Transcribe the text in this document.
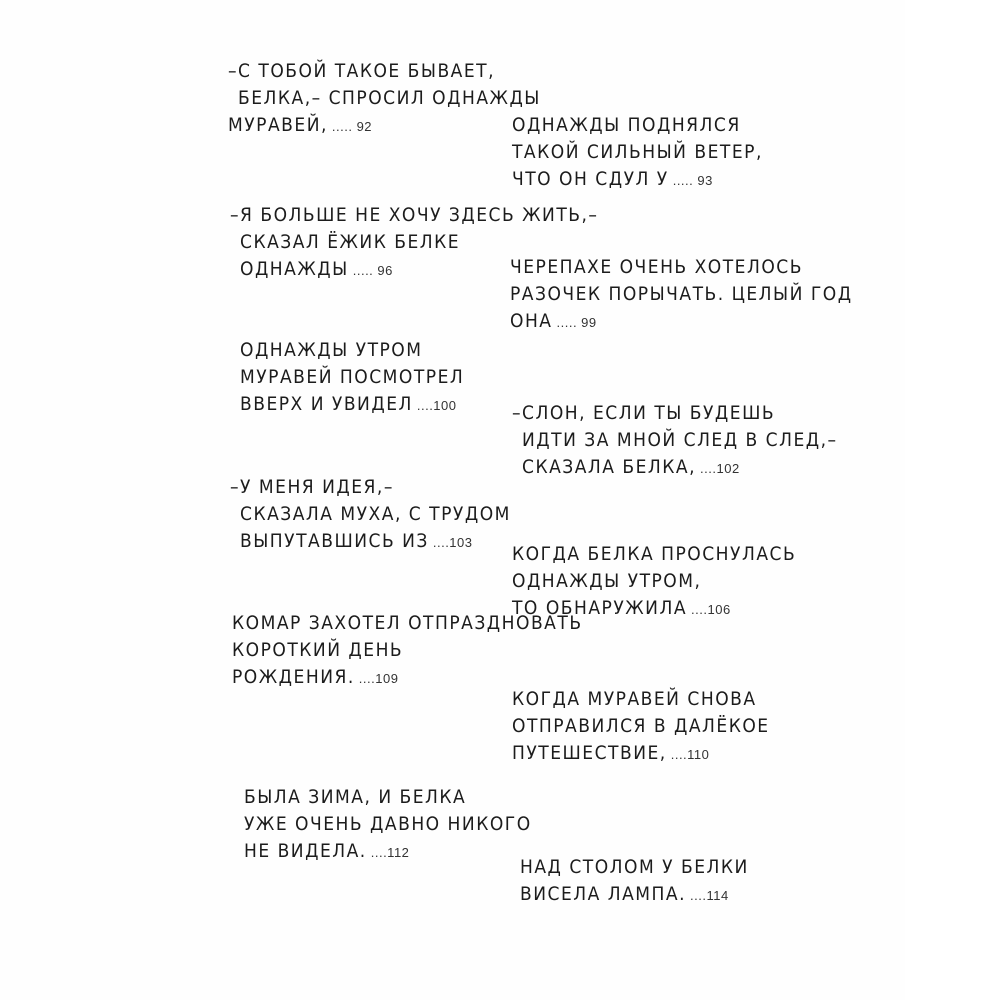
–С ТОБОЙ ТАКОЕ БЫВАЕТ,
БЕЛКА,– СПРОСИЛ ОДНАЖДЫ
МУРАВЕЙ, ..... 92
–Я БОЛЬШЕ НЕ ХОЧУ ЗДЕСЬ ЖИТЬ,–
СКАЗАЛ ЁЖИК БЕЛКЕ
ОДНАЖДЫ ..... 96
ОДНАЖДЫ УТРОМ
МУРАВЕЙ ПОСМОТРЕЛ
ВВЕРХ И УВИДЕЛ ....100
–У МЕНЯ ИДЕЯ,–
СКАЗАЛА МУХА, С ТРУДОМ
ВЫПУТАВШИСЬ ИЗ ....103
КОМАР ЗАХОТЕЛ ОТПРАЗДНОВАТЬ
КОРОТКИЙ ДЕНЬ
РОЖДЕНИЯ. ....109
БЫЛА ЗИМА, И БЕЛКА
УЖЕ ОЧЕНЬ ДАВНО НИКОГО
НЕ ВИДЕЛА. ....112
ОДНАЖДЫ ПОДНЯЛСЯ
ТАКОЙ СИЛЬНЫЙ ВЕТЕР,
ЧТО ОН СДУЛ У ..... 93
ЧЕРЕПАХЕ ОЧЕНЬ ХОТЕЛОСЬ
РАЗОЧЕК ПОРЫЧАТЬ. ЦЕЛЫЙ ГОД
ОНА ..... 99
–СЛОН, ЕСЛИ ТЫ БУДЕШЬ
ИДТИ ЗА МНОЙ СЛЕД В СЛЕД,–
СКАЗАЛА БЕЛКА, ....102
КОГДА БЕЛКА ПРОСНУЛАСЬ
ОДНАЖДЫ УТРОМ,
ТО ОБНАРУЖИЛА ....106
КОГДА МУРАВЕЙ СНОВА
ОТПРАВИЛСЯ В ДАЛЁКОЕ
ПУТЕШЕСТВИЕ, ....110
НАД СТОЛОМ У БЕЛКИ
ВИСЕЛА ЛАМПА. ....114
